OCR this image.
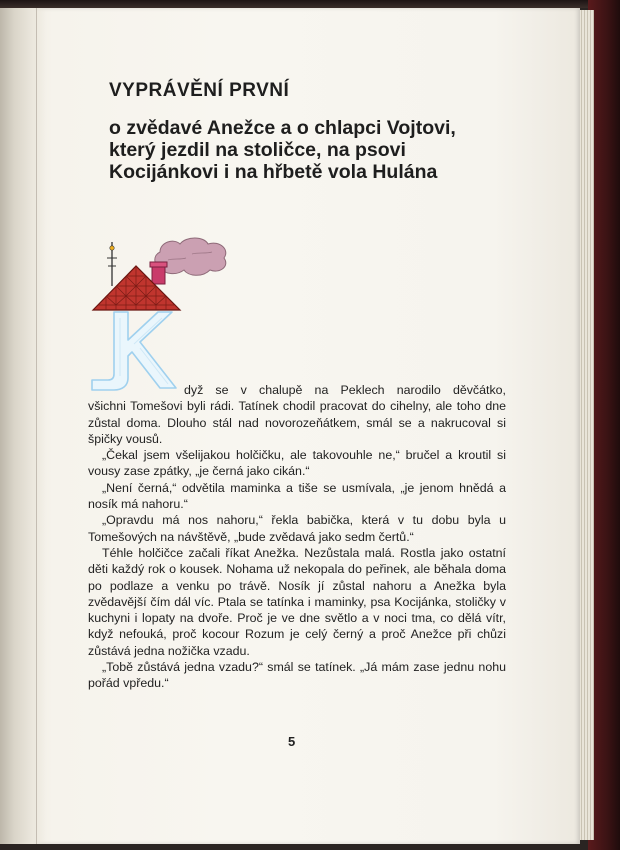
VYPRÁVĚNÍ PRVNÍ
o zvědavé Anežce a o chlapci Vojtovi,
který jezdil na stoličce, na psovi
Kocijánkovi i na hřbetě vola Hulána
dyž se v chalupě na Peklech narodilo děvčátko,

všichni Tomešovi byli rádi. Tatínek chodil pracovat do cihelny, ale toho dne zůstal doma. Dlouho stál nad novorozeňátkem, smál se a nakrucoval si špičky vousů.

„Čekal jsem všelijakou holčičku, ale takovouhle ne,“ bručel a kroutil si vousy zase zpátky, „je černá jako cikán.“

„Není černá,“ odvětila maminka a tiše se usmívala, „je jenom hnědá a nosík má nahoru.“

„Opravdu má nos nahoru,“ řekla babička, která v tu dobu byla u Tomešových na návštěvě, „bude zvědavá jako sedm čertů.“

Téhle holčičce začali říkat Anežka. Nezůstala malá. Rostla jako ostatní děti každý rok o kousek. Nohama už nekopala do peřinek, ale běhala doma po podlaze a venku po trávě. Nosík jí zůstal nahoru a Anežka byla zvědavější čím dál víc. Ptala se tatínka i maminky, psa Kocijánka, stoličky v kuchyni i lopaty na dvoře. Proč je ve dne světlo a v noci tma, co dělá vítr, když nefouká, proč kocour Rozum je celý černý a proč Anežce při chůzi zůstává jedna nožička vzadu.

„Tobě zůstává jedna vzadu?“ smál se tatínek. „Já mám zase jednu nohu pořád vpředu.“

5
